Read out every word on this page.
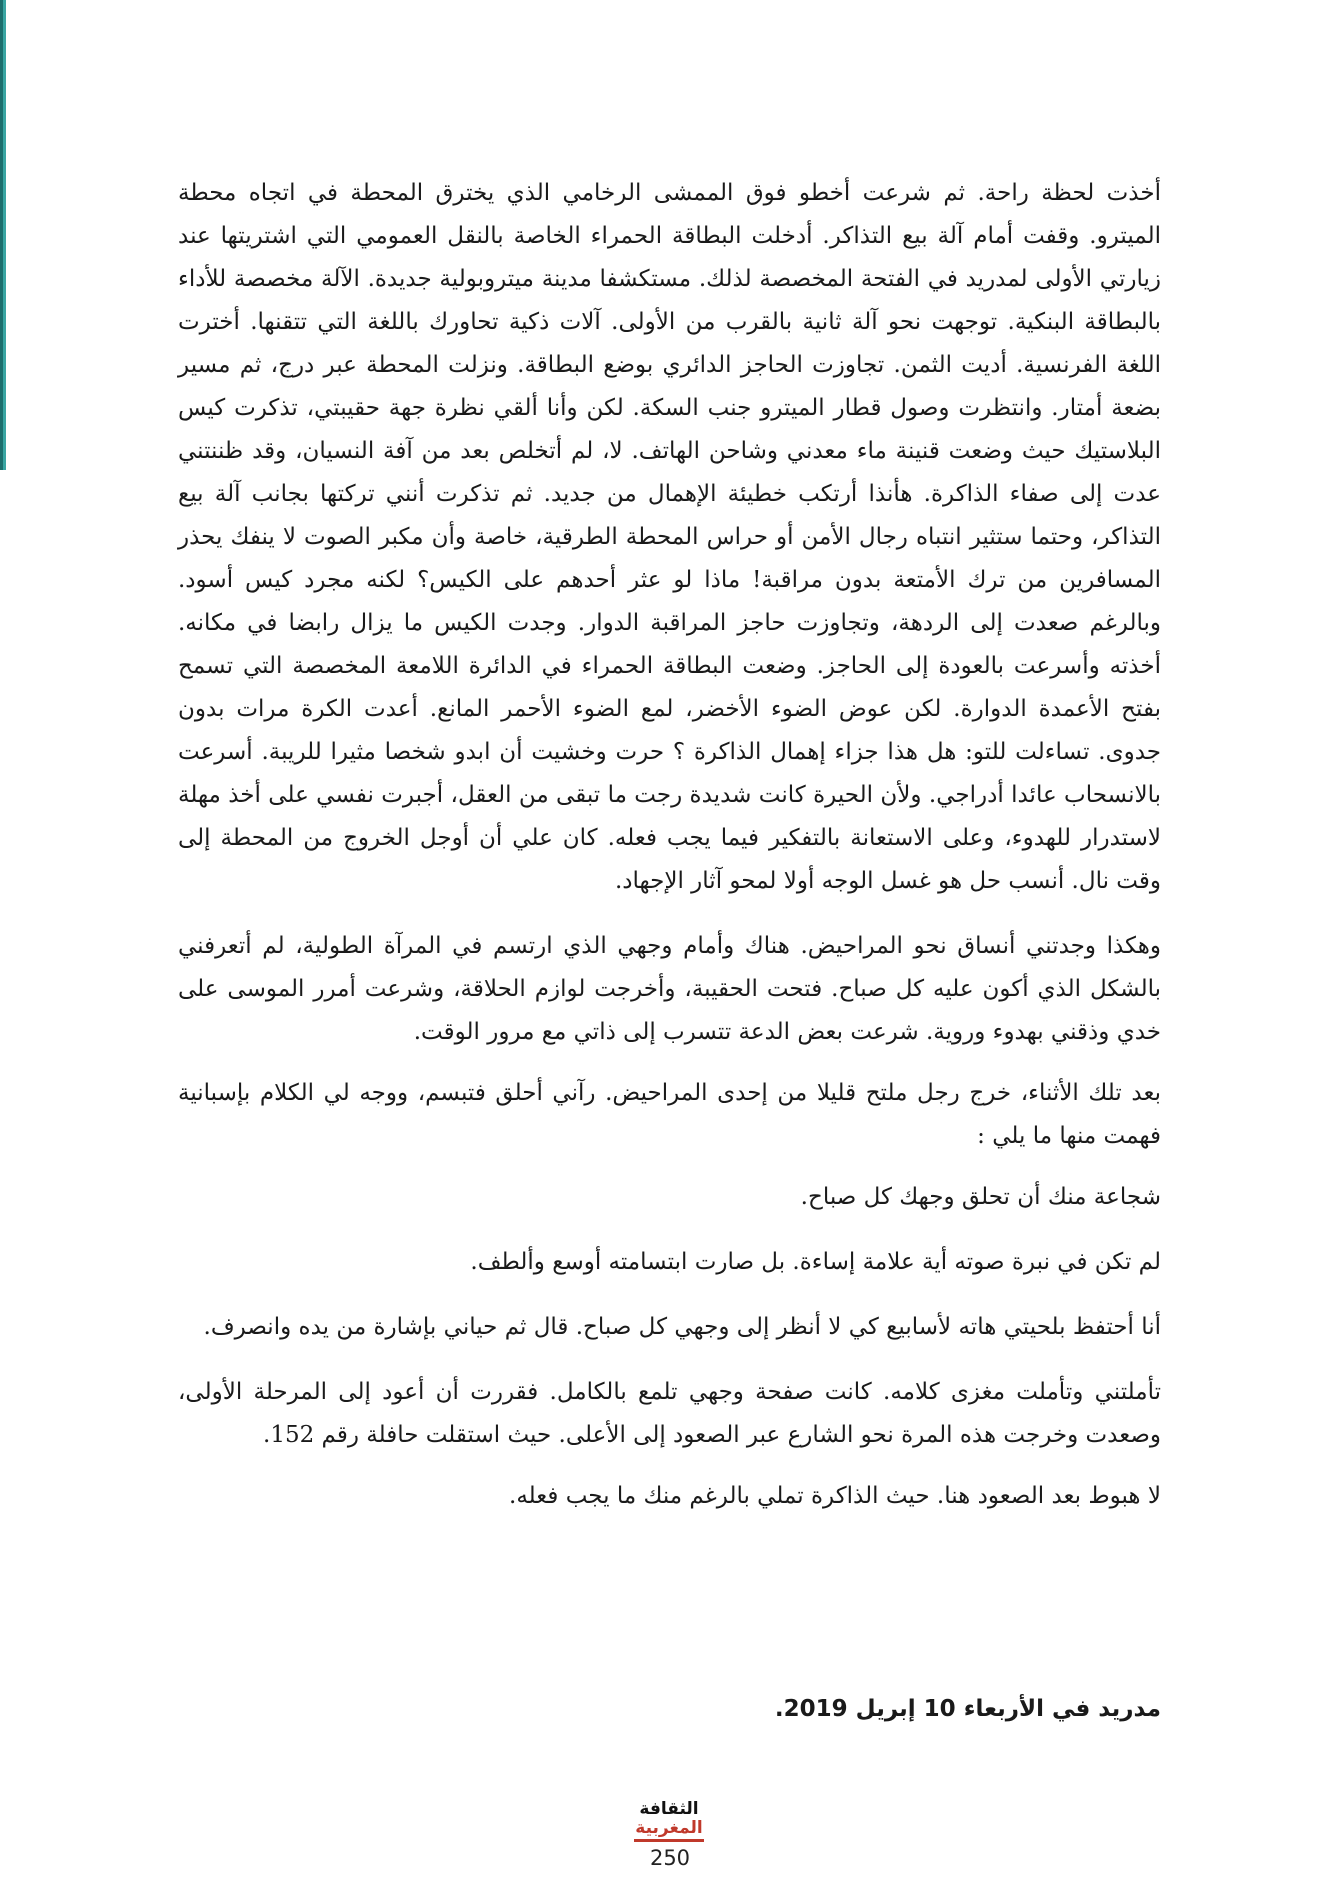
أخذت لحظة راحة. ثم شرعت أخطو فوق الممشى الرخامي الذي يخترق المحطة في اتجاه محطة الميترو. وقفت أمام آلة بيع التذاكر. أدخلت البطاقة الحمراء الخاصة بالنقل العمومي التي اشتريتها عند زيارتي الأولى لمدريد في الفتحة المخصصة لذلك. مستكشفا مدينة ميتروبولية جديدة. الآلة مخصصة للأداء بالبطاقة البنكية. توجهت نحو آلة ثانية بالقرب من الأولى. آلات ذكية تحاورك باللغة التي تتقنها. أخترت اللغة الفرنسية. أديت الثمن. تجاوزت الحاجز الدائري بوضع البطاقة. ونزلت المحطة عبر درج، ثم مسير بضعة أمتار. وانتظرت وصول قطار الميترو جنب السكة. لكن وأنا ألقي نظرة جهة حقيبتي، تذكرت كيس البلاستيك حيث وضعت قنينة ماء معدني وشاحن الهاتف. لا، لم أتخلص بعد من آفة النسيان، وقد ظننتني عدت إلى صفاء الذاكرة. هأنذا أرتكب خطيئة الإهمال من جديد. ثم تذكرت أنني تركتها بجانب آلة بيع التذاكر، وحتما ستثير انتباه رجال الأمن أو حراس المحطة الطرقية، خاصة وأن مكبر الصوت لا ينفك يحذر المسافرين من ترك الأمتعة بدون مراقبة! ماذا لو عثر أحدهم على الكيس؟ لكنه مجرد كيس أسود. وبالرغم صعدت إلى الردهة، وتجاوزت حاجز المراقبة الدوار. وجدت الكيس ما يزال رابضا في مكانه. أخذته وأسرعت بالعودة إلى الحاجز. وضعت البطاقة الحمراء في الدائرة اللامعة المخصصة التي تسمح بفتح الأعمدة الدوارة. لكن عوض الضوء الأخضر، لمع الضوء الأحمر المانع. أعدت الكرة مرات بدون جدوى. تساءلت للتو: هل هذا جزاء إهمال الذاكرة ؟ حرت وخشيت أن ابدو شخصا مثيرا للريبة. أسرعت بالانسحاب عائدا أدراجي. ولأن الحيرة كانت شديدة رجت ما تبقى من العقل، أجبرت نفسي على أخذ مهلة لاستدرار للهدوء، وعلى الاستعانة بالتفكير فيما يجب فعله. كان علي أن أوجل الخروج من المحطة إلى وقت نال. أنسب حل هو غسل الوجه أولا لمحو آثار الإجهاد.

وهكذا وجدتني أنساق نحو المراحيض. هناك وأمام وجهي الذي ارتسم في المرآة الطولية، لم أتعرفني بالشكل الذي أكون عليه كل صباح. فتحت الحقيبة، وأخرجت لوازم الحلاقة، وشرعت أمرر الموسى على خدي وذقني بهدوء وروية. شرعت بعض الدعة تتسرب إلى ذاتي مع مرور الوقت.

بعد تلك الأثناء، خرج رجل ملتح قليلا من إحدى المراحيض. رآني أحلق فتبسم، ووجه لي الكلام بإسبانية فهمت منها ما يلي :

شجاعة منك أن تحلق وجهك كل صباح.

لم تكن في نبرة صوته أية علامة إساءة. بل صارت ابتسامته أوسع وألطف.

أنا أحتفظ بلحيتي هاته لأسابيع كي لا أنظر إلى وجهي كل صباح. قال ثم حياني بإشارة من يده وانصرف.

تأملتني وتأملت مغزى كلامه. كانت صفحة وجهي تلمع بالكامل. فقررت أن أعود إلى المرحلة الأولى، وصعدت وخرجت هذه المرة نحو الشارع عبر الصعود إلى الأعلى. حيث استقلت حافلة رقم 152.

لا هبوط بعد الصعود هنا. حيث الذاكرة تملي بالرغم منك ما يجب فعله.

مدريد في الأربعاء 10 إبريل 2019.
الثقافة
المغربية
250
